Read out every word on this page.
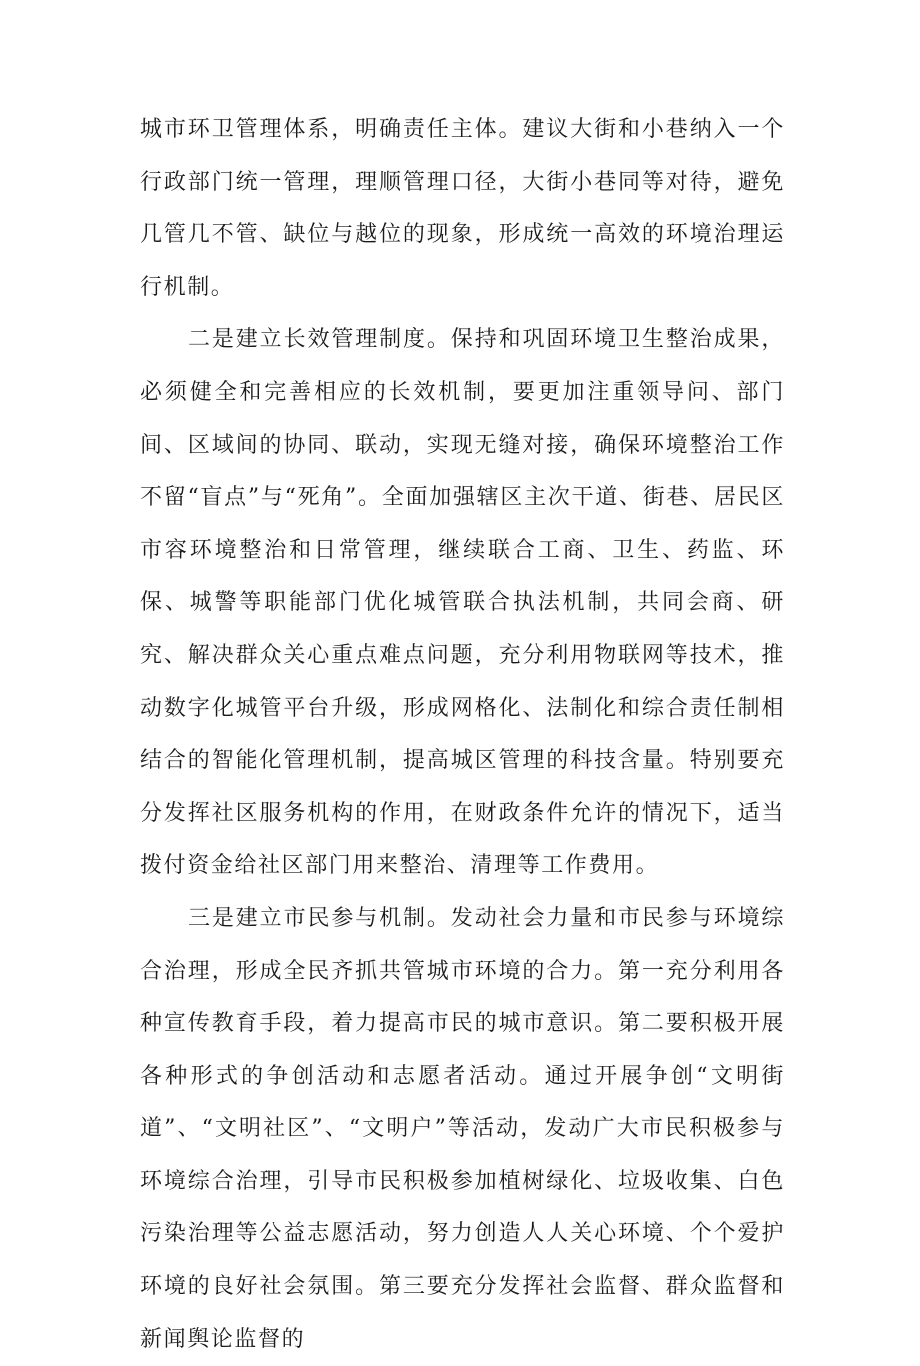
城市环卫管理体系，明确责任主体。建议大街和小巷纳入一个行政部门统一管理，理顺管理口径，大街小巷同等对待，避免几管几不管、缺位与越位的现象，形成统一高效的环境治理运行机制。

二是建立长效管理制度。保持和巩固环境卫生整治成果，必须健全和完善相应的长效机制，要更加注重领导问、部门间、区域间的协同、联动，实现无缝对接，确保环境整治工作不留“盲点”与“死角”。全面加强辖区主次干道、街巷、居民区市容环境整治和日常管理，继续联合工商、卫生、药监、环保、城警等职能部门优化城管联合执法机制，共同会商、研究、解决群众关心重点难点问题，充分利用物联网等技术，推动数字化城管平台升级，形成网格化、法制化和综合责任制相结合的智能化管理机制，提高城区管理的科技含量。特别要充分发挥社区服务机构的作用，在财政条件允许的情况下，适当拨付资金给社区部门用来整治、清理等工作费用。

三是建立市民参与机制。发动社会力量和市民参与环境综合治理，形成全民齐抓共管城市环境的合力。第一充分利用各种宣传教育手段，着力提高市民的城市意识。第二要积极开展各种形式的争创活动和志愿者活动。通过开展争创“文明街道”、“文明社区”、“文明户”等活动，发动广大市民积极参与环境综合治理，引导市民积极参加植树绿化、垃圾收集、白色污染治理等公益志愿活动，努力创造人人关心环境、个个爱护环境的良好社会氛围。第三要充分发挥社会监督、群众监督和新闻舆论监督的
